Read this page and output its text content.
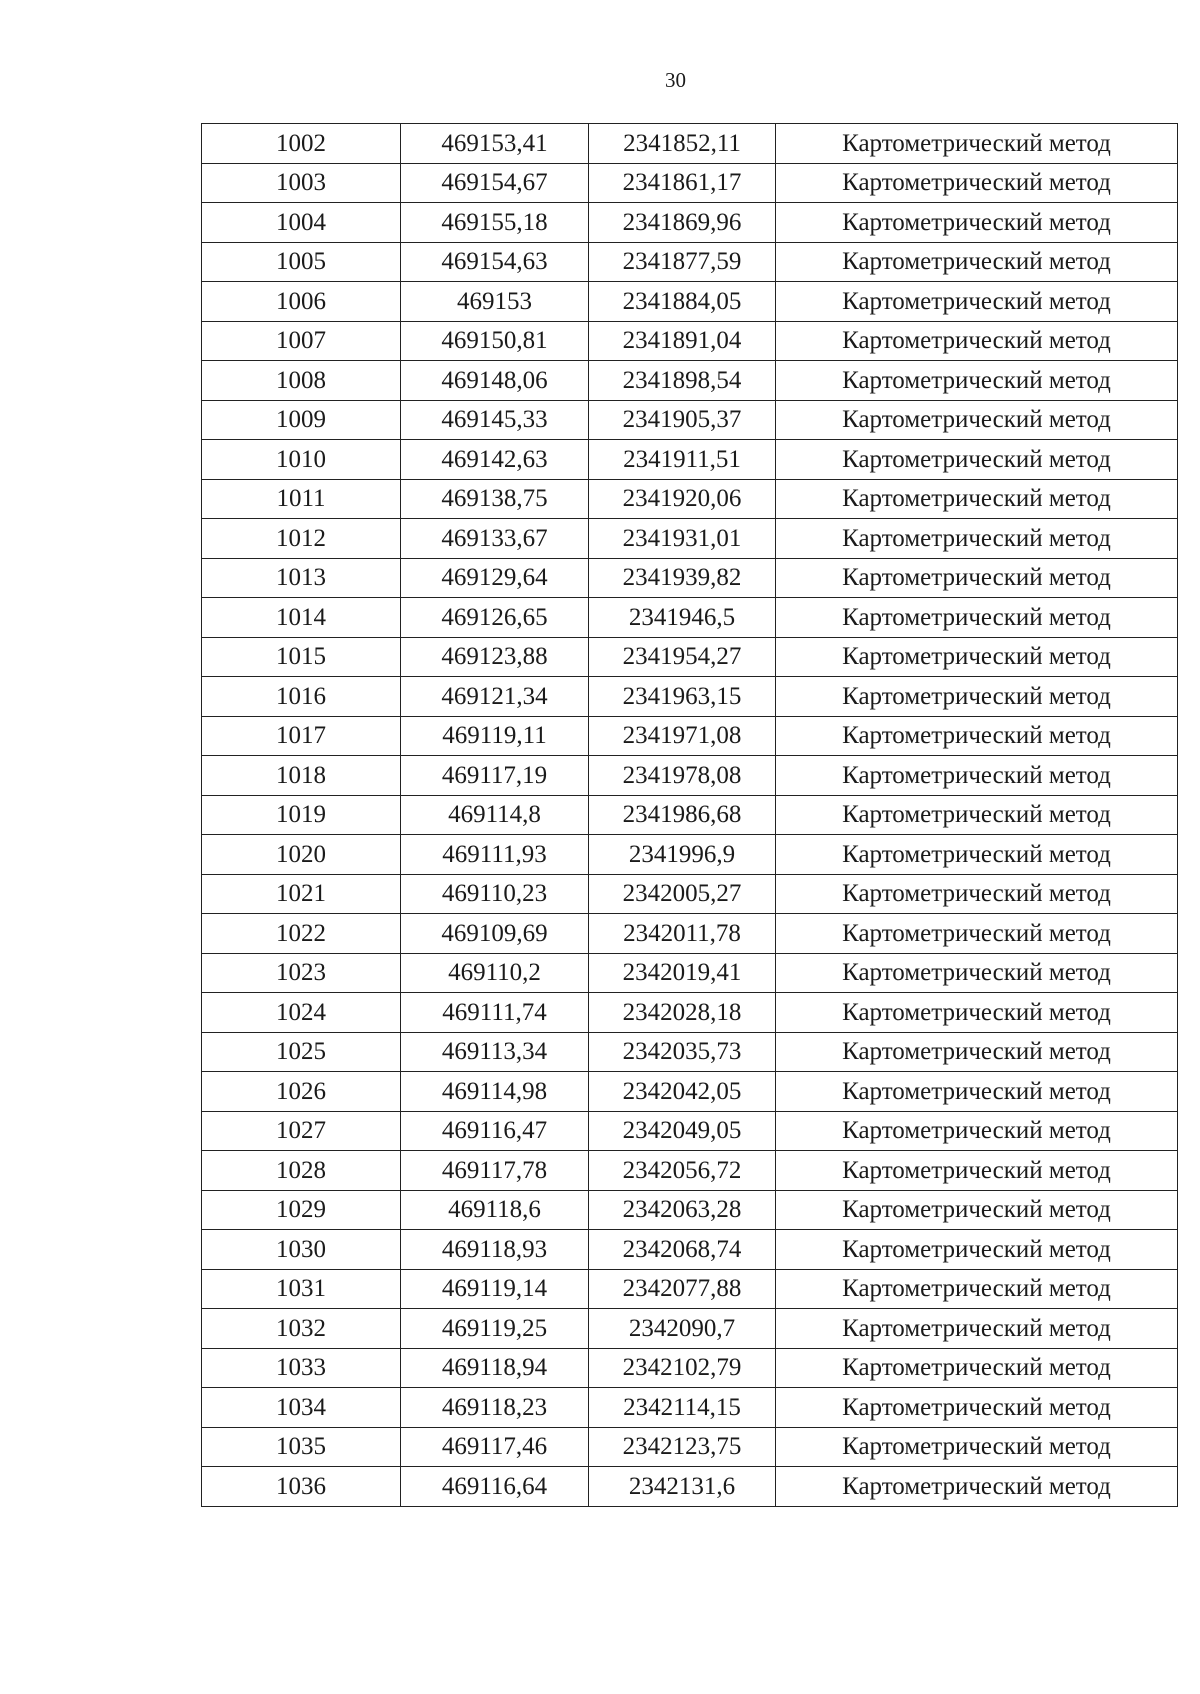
30
1002	469153,41	2341852,11	Картометрический метод
1003	469154,67	2341861,17	Картометрический метод
1004	469155,18	2341869,96	Картометрический метод
1005	469154,63	2341877,59	Картометрический метод
1006	469153	2341884,05	Картометрический метод
1007	469150,81	2341891,04	Картометрический метод
1008	469148,06	2341898,54	Картометрический метод
1009	469145,33	2341905,37	Картометрический метод
1010	469142,63	2341911,51	Картометрический метод
1011	469138,75	2341920,06	Картометрический метод
1012	469133,67	2341931,01	Картометрический метод
1013	469129,64	2341939,82	Картометрический метод
1014	469126,65	2341946,5	Картометрический метод
1015	469123,88	2341954,27	Картометрический метод
1016	469121,34	2341963,15	Картометрический метод
1017	469119,11	2341971,08	Картометрический метод
1018	469117,19	2341978,08	Картометрический метод
1019	469114,8	2341986,68	Картометрический метод
1020	469111,93	2341996,9	Картометрический метод
1021	469110,23	2342005,27	Картометрический метод
1022	469109,69	2342011,78	Картометрический метод
1023	469110,2	2342019,41	Картометрический метод
1024	469111,74	2342028,18	Картометрический метод
1025	469113,34	2342035,73	Картометрический метод
1026	469114,98	2342042,05	Картометрический метод
1027	469116,47	2342049,05	Картометрический метод
1028	469117,78	2342056,72	Картометрический метод
1029	469118,6	2342063,28	Картометрический метод
1030	469118,93	2342068,74	Картометрический метод
1031	469119,14	2342077,88	Картометрический метод
1032	469119,25	2342090,7	Картометрический метод
1033	469118,94	2342102,79	Картометрический метод
1034	469118,23	2342114,15	Картометрический метод
1035	469117,46	2342123,75	Картометрический метод
1036	469116,64	2342131,6	Картометрический метод
